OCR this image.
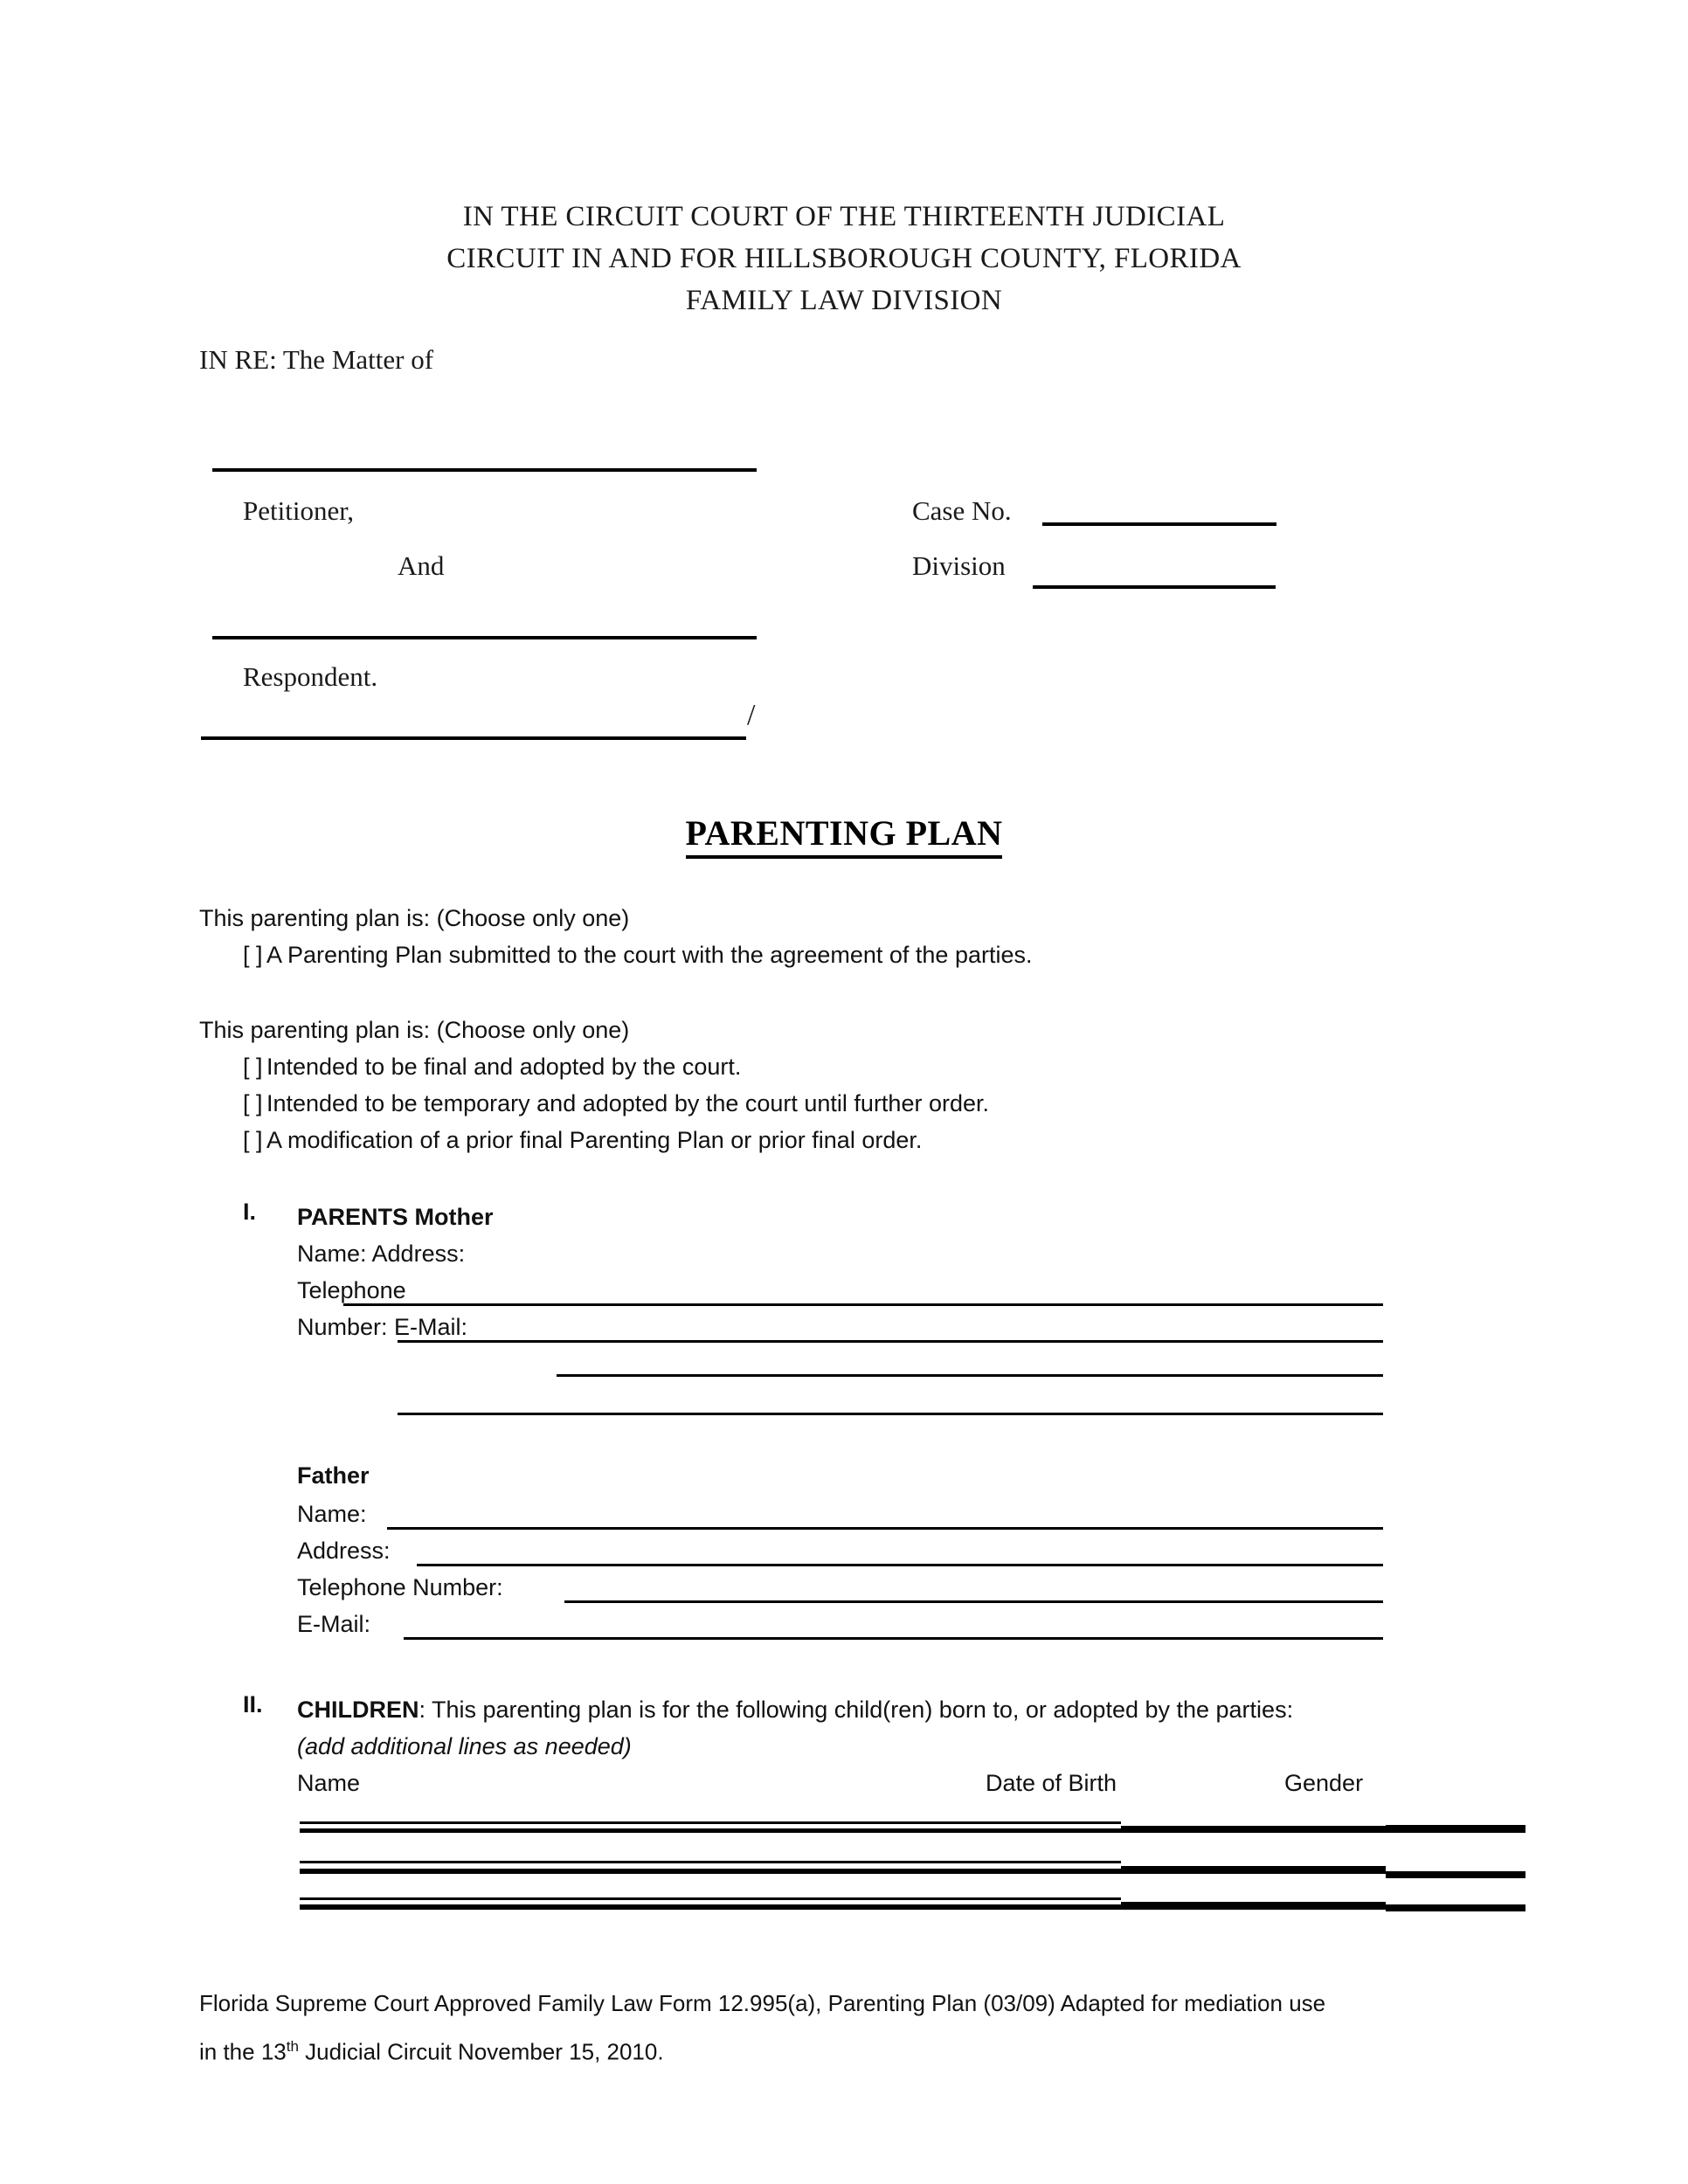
IN THE CIRCUIT COURT OF THE THIRTEENTH JUDICIAL
CIRCUIT IN AND FOR HILLSBOROUGH COUNTY, FLORIDA
FAMILY LAW DIVISION
IN RE: The Matter of
Petitioner,
And
Respondent.
/
Case No.
Division
PARENTING PLAN
This parenting plan is: (Choose only one)
[ ] A Parenting Plan submitted to the court with the agreement of the parties.
This parenting plan is: (Choose only one)
[ ] Intended to be final and adopted by the court.
[ ] Intended to be temporary and adopted by the court until further order.
[ ] A modification of a prior final Parenting Plan or prior final order.
I. PARENTS Mother
Name: Address:
Telephone
Number: E-Mail:
Father
Name:
Address:
Telephone Number:
E-Mail:
II. CHILDREN: This parenting plan is for the following child(ren) born to, or adopted by the parties:
(add additional lines as needed)
Name	Date of Birth	Gender
Florida Supreme Court Approved Family Law Form 12.995(a), Parenting Plan (03/09) Adapted for mediation use
in the 13th Judicial Circuit November 15, 2010.
